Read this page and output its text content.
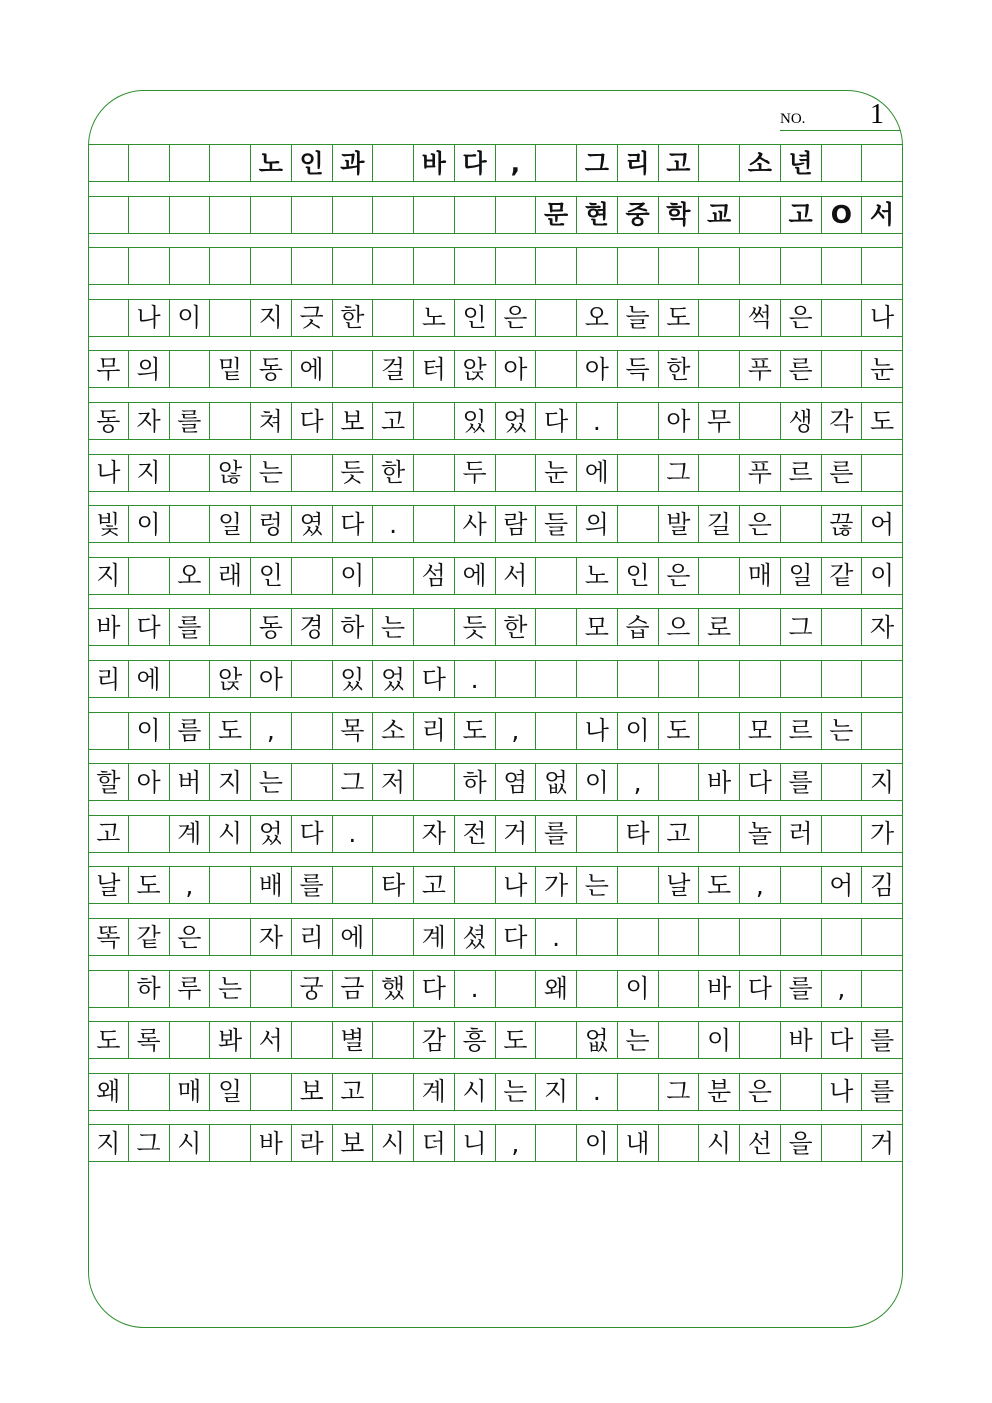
NO. 1
노 인 과	바 다 ,	그 리 고	소 년
문 현 중 학 교	고 O 서
나 이	지 긋 한	노 인 은	오 늘 도	썩 은	나
무 의	밑 동 에	걸 터 앉 아	아 득 한	푸 른	눈
동 자 를	쳐 다 보 고	있 었 다 .	아 무	생 각 도
나 지	않 는	듯 한	두	눈 에	그	푸 르 른
빛 이	일 렁 였 다 .	사 람 들 의	발 길 은	끊 어
지	오 래 인	이	섬 에 서	노 인 은	매 일 같 이
바 다 를	동 경 하 는	듯 한	모 습 으 로	그	자
리 에	앉 아	있 었 다 .
이 름 도 ,	목 소 리 도 ,	나 이 도	모 르 는
할 아 버 지 는	그 저	하 염 없 이 ,	바 다 를	지
고	계 시 었 다 .	자 전 거 를	타 고	놀 러	가
날 도 ,	배 를	타 고	나 가 는	날 도 ,	어 김
똑 같 은	자 리 에	계 셨 다 .
하 루 는	궁 금 했 다 .	왜	이	바 다 를 ,
도 록	봐 서	별	감 흥 도	없 는	이	바 다 를
왜	매 일	보 고	계 시 는 지 .	그 분 은	나 를
지 그 시	바 라 보 시 더 니 ,	이 내	시 선 을	거
